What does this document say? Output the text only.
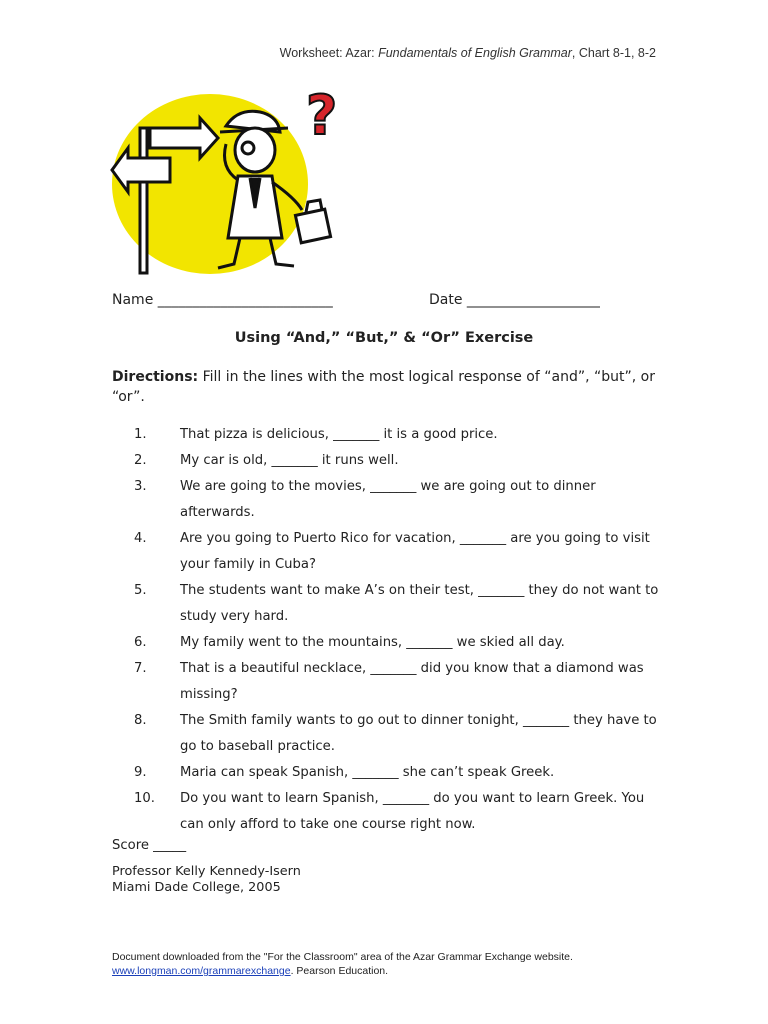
Worksheet: Azar: Fundamentals of English Grammar, Chart 8-1, 8-2
?
Name _________________________	Date ___________________
Using “And,” “But,” & “Or” Exercise
Directions: Fill in the lines with the most logical response of “and”, “but”, or “or”.
1.	That pizza is delicious, _______ it is a good price.
2.	My car is old, _______ it runs well.
3.	We are going to the movies, _______ we are going out to dinner afterwards.
4.	Are you going to Puerto Rico for vacation, _______ are you going to visit your family in Cuba?
5.	The students want to make A’s on their test, _______ they do not want to study very hard.
6.	My family went to the mountains, _______ we skied all day.
7.	That is a beautiful necklace, _______ did you know that a diamond was missing?
8.	The Smith family wants to go out to dinner tonight, _______ they have to go to baseball practice.
9.	Maria can speak Spanish, _______ she can’t speak Greek.
10.	Do you want to learn Spanish, _______ do you want to learn Greek. You can only afford to take one course right now.
Score _____
Professor Kelly Kennedy-Isern
Miami Dade College, 2005
Document downloaded from the "For the Classroom" area of the Azar Grammar Exchange website.
www.longman.com/grammarexchange. Pearson Education.
